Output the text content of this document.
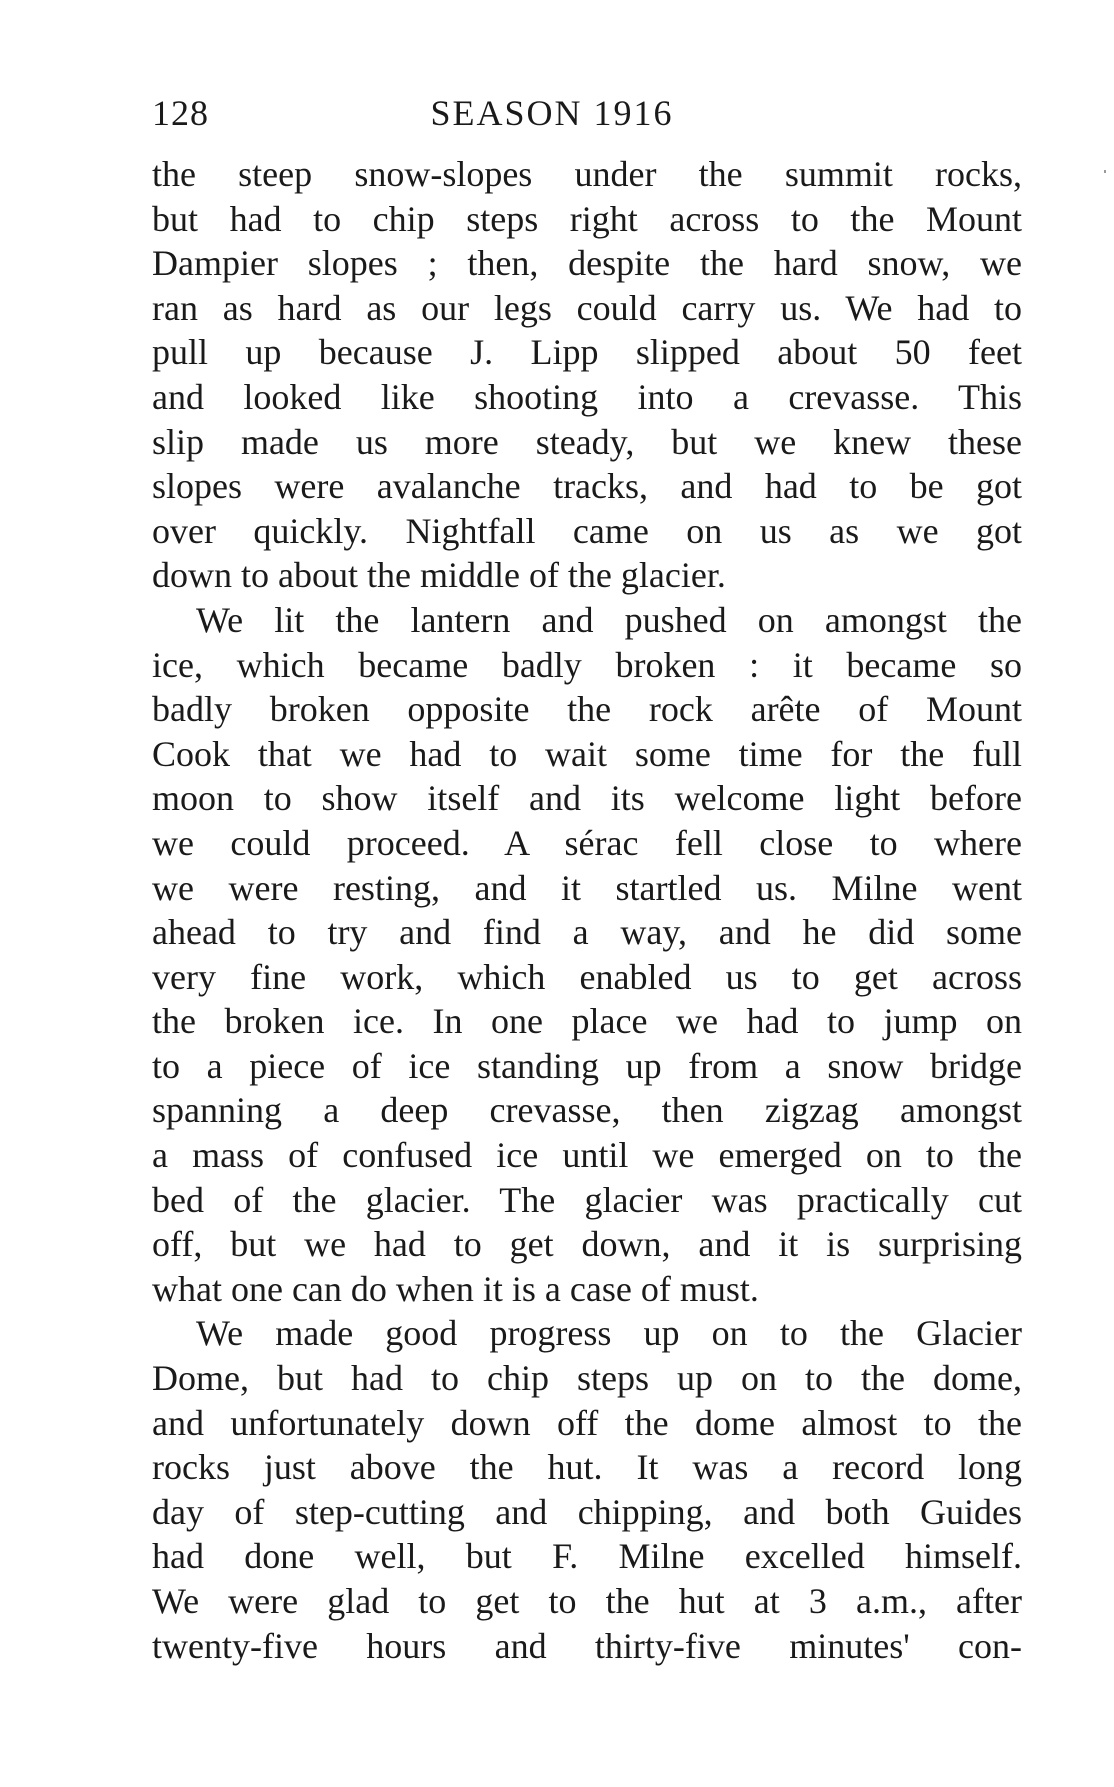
128	SEASON 1916
the steep snow-slopes under the summit rocks,
but had to chip steps right across to the Mount
Dampier slopes ; then, despite the hard snow, we
ran as hard as our legs could carry us. We had to
pull up because J. Lipp slipped about 50 feet
and looked like shooting into a crevasse. This
slip made us more steady, but we knew these
slopes were avalanche tracks, and had to be got
over quickly. Nightfall came on us as we got
down to about the middle of the glacier.
We lit the lantern and pushed on amongst the
ice, which became badly broken : it became so
badly broken opposite the rock arête of Mount
Cook that we had to wait some time for the full
moon to show itself and its welcome light before
we could proceed. A sérac fell close to where
we were resting, and it startled us. Milne went
ahead to try and find a way, and he did some
very fine work, which enabled us to get across
the broken ice. In one place we had to jump on
to a piece of ice standing up from a snow bridge
spanning a deep crevasse, then zigzag amongst
a mass of confused ice until we emerged on to the
bed of the glacier. The glacier was practically cut
off, but we had to get down, and it is surprising
what one can do when it is a case of must.
We made good progress up on to the Glacier
Dome, but had to chip steps up on to the dome,
and unfortunately down off the dome almost to the
rocks just above the hut. It was a record long
day of step-cutting and chipping, and both Guides
had done well, but F. Milne excelled himself.
We were glad to get to the hut at 3 a.m., after
twenty-five hours and thirty-five minutes' con-
